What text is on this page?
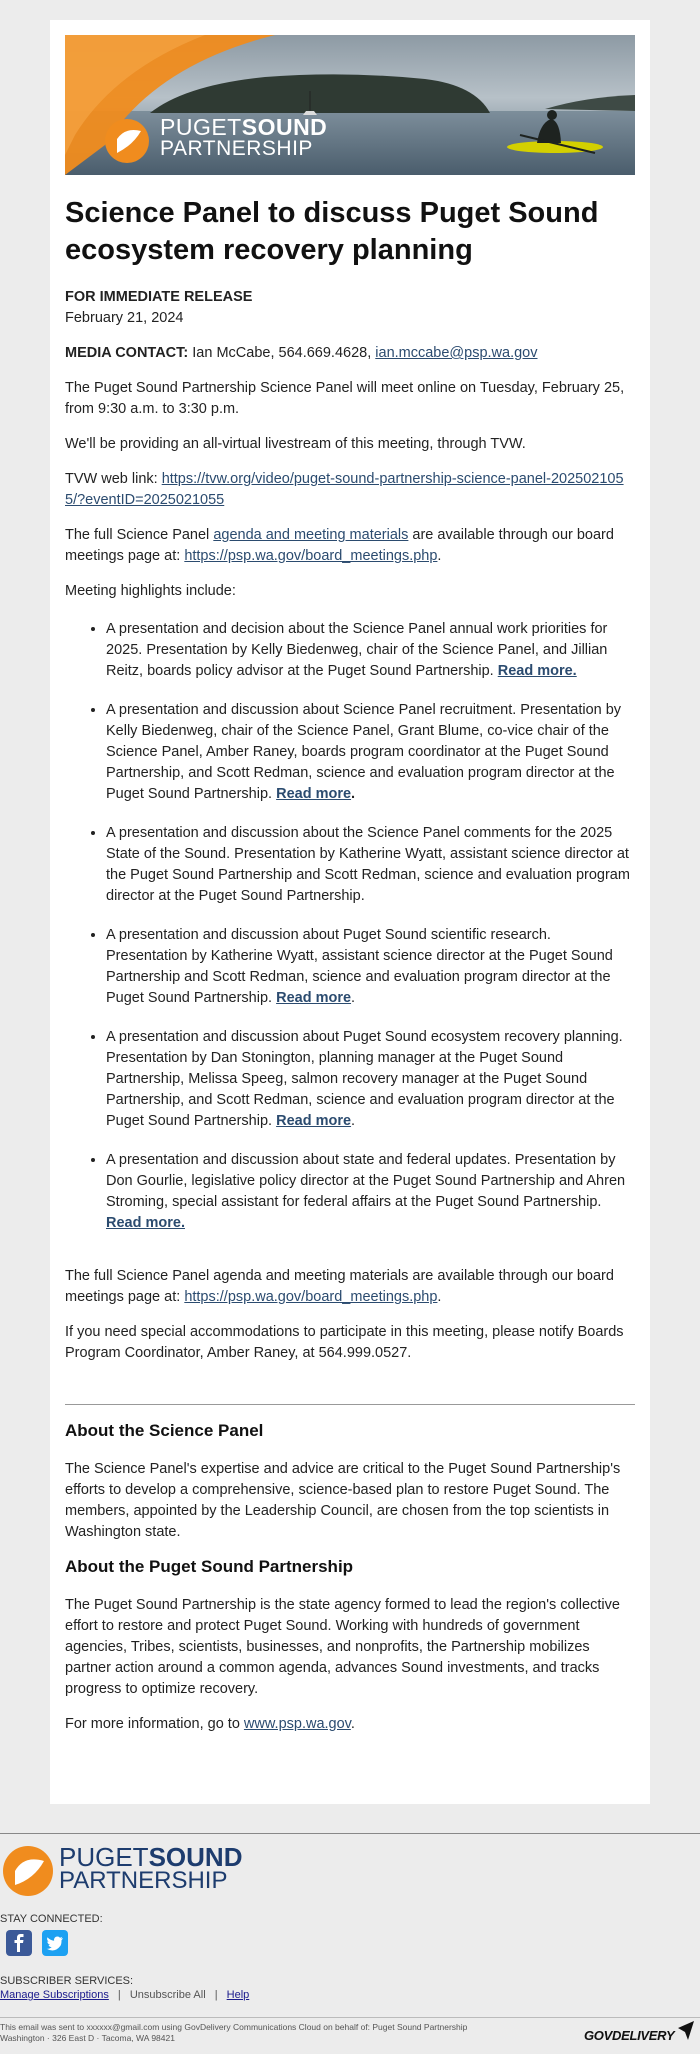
PUGETSOUND
PARTNERSHIP
Science Panel to discuss Puget Sound ecosystem recovery planning

FOR IMMEDIATE RELEASE
February 21, 2024

MEDIA CONTACT: Ian McCabe, 564.669.4628, ian.mccabe@psp.wa.gov

The Puget Sound Partnership Science Panel will meet online on Tuesday, February 25, from 9:30 a.m. to 3:30 p.m.

We'll be providing an all-virtual livestream of this meeting, through TVW.

TVW web link: https://tvw.org/video/puget-sound-partnership-science-panel-2025021055/?eventID=2025021055

The full Science Panel agenda and meeting materials are available through our board meetings page at: https://psp.wa.gov/board_meetings.php.

Meeting highlights include:

• A presentation and decision about the Science Panel annual work priorities for 2025. Presentation by Kelly Biedenweg, chair of the Science Panel, and Jillian Reitz, boards policy advisor at the Puget Sound Partnership. Read more.
• A presentation and discussion about Science Panel recruitment. Presentation by Kelly Biedenweg, chair of the Science Panel, Grant Blume, co-vice chair of the Science Panel, Amber Raney, boards program coordinator at the Puget Sound Partnership, and Scott Redman, science and evaluation program director at the Puget Sound Partnership. Read more.
• A presentation and discussion about the Science Panel comments for the 2025 State of the Sound. Presentation by Katherine Wyatt, assistant science director at the Puget Sound Partnership and Scott Redman, science and evaluation program director at the Puget Sound Partnership.
• A presentation and discussion about Puget Sound scientific research. Presentation by Katherine Wyatt, assistant science director at the Puget Sound Partnership and Scott Redman, science and evaluation program director at the Puget Sound Partnership. Read more.
• A presentation and discussion about Puget Sound ecosystem recovery planning. Presentation by Dan Stonington, planning manager at the Puget Sound Partnership, Melissa Speeg, salmon recovery manager at the Puget Sound Partnership, and Scott Redman, science and evaluation program director at the Puget Sound Partnership. Read more.
• A presentation and discussion about state and federal updates. Presentation by Don Gourlie, legislative policy director at the Puget Sound Partnership and Ahren Stroming, special assistant for federal affairs at the Puget Sound Partnership. Read more.

The full Science Panel agenda and meeting materials are available through our board meetings page at: https://psp.wa.gov/board_meetings.php.

If you need special accommodations to participate in this meeting, please notify Boards Program Coordinator, Amber Raney, at 564.999.0527.

About the Science Panel

The Science Panel's expertise and advice are critical to the Puget Sound Partnership's efforts to develop a comprehensive, science-based plan to restore Puget Sound. The members, appointed by the Leadership Council, are chosen from the top scientists in Washington state.

About the Puget Sound Partnership

The Puget Sound Partnership is the state agency formed to lead the region's collective effort to restore and protect Puget Sound. Working with hundreds of government agencies, Tribes, scientists, businesses, and nonprofits, the Partnership mobilizes partner action around a common agenda, advances Sound investments, and tracks progress to optimize recovery.

For more information, go to www.psp.wa.gov.

PUGETSOUND
PARTNERSHIP
STAY CONNECTED:
SUBSCRIBER SERVICES:
Manage Subscriptions | Unsubscribe All | Help
This email was sent to xxxxxx@gmail.com using GovDelivery Communications Cloud on behalf of: Puget Sound Partnership
Washington · 326 East D · Tacoma, WA 98421	GOVDELIVERY
